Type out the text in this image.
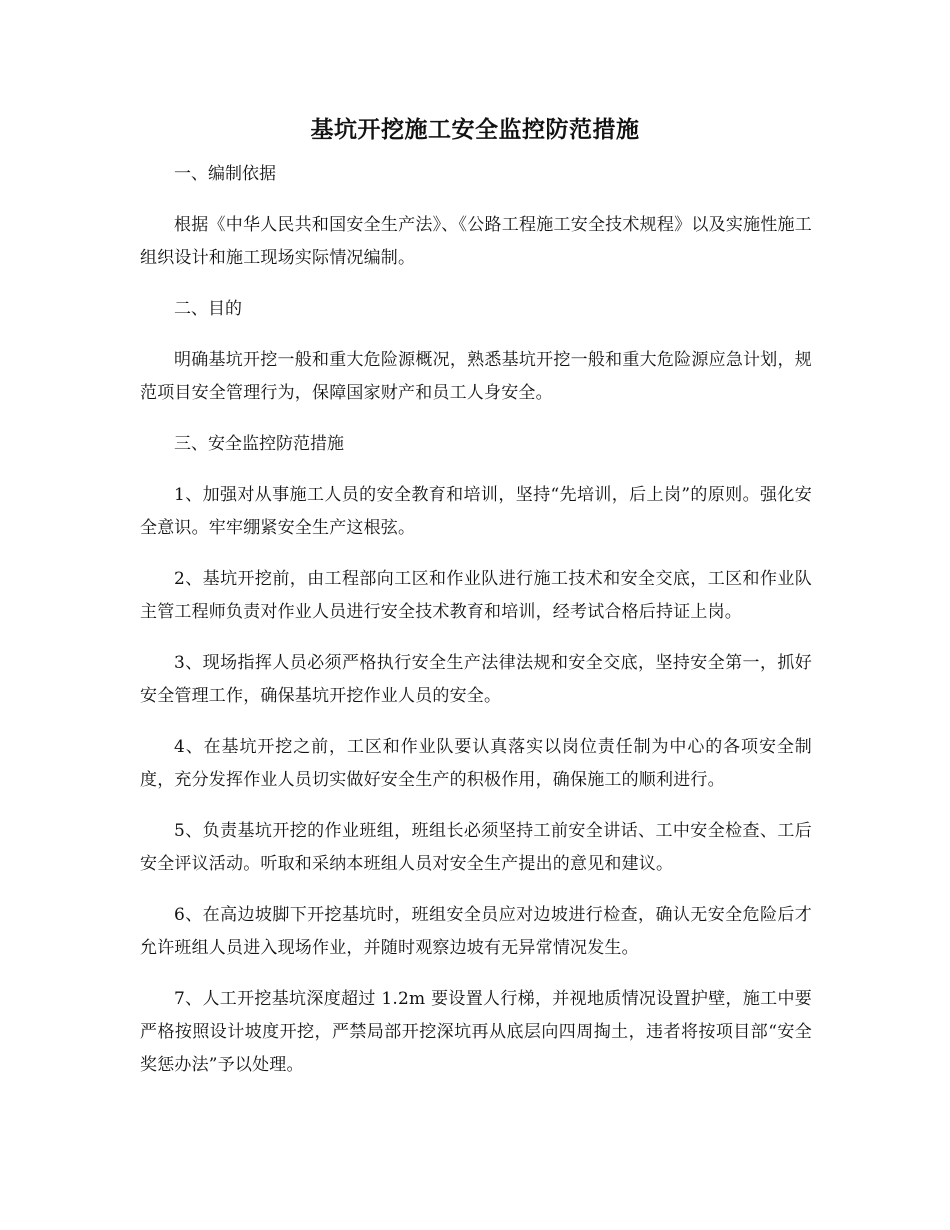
基坑开挖施工安全监控防范措施

一、编制依据

根据《中华人民共和国安全生产法》、《公路工程施工安全技术规程》以及实施性施工组织设计和施工现场实际情况编制。

二、目的

明确基坑开挖一般和重大危险源概况，熟悉基坑开挖一般和重大危险源应急计划，规范项目安全管理行为，保障国家财产和员工人身安全。

三、安全监控防范措施

1、加强对从事施工人员的安全教育和培训，坚持“先培训，后上岗”的原则。强化安全意识。牢牢绷紧安全生产这根弦。

2、基坑开挖前，由工程部向工区和作业队进行施工技术和安全交底，工区和作业队主管工程师负责对作业人员进行安全技术教育和培训，经考试合格后持证上岗。

3、现场指挥人员必须严格执行安全生产法律法规和安全交底，坚持安全第一，抓好安全管理工作，确保基坑开挖作业人员的安全。

4、在基坑开挖之前，工区和作业队要认真落实以岗位责任制为中心的各项安全制度，充分发挥作业人员切实做好安全生产的积极作用，确保施工的顺利进行。

5、负责基坑开挖的作业班组，班组长必须坚持工前安全讲话、工中安全检查、工后安全评议活动。听取和采纳本班组人员对安全生产提出的意见和建议。

6、在高边坡脚下开挖基坑时，班组安全员应对边坡进行检查，确认无安全危险后才允许班组人员进入现场作业，并随时观察边坡有无异常情况发生。

7、人工开挖基坑深度超过 1.2m 要设置人行梯，并视地质情况设置护壁，施工中要严格按照设计坡度开挖，严禁局部开挖深坑再从底层向四周掏土，违者将按项目部“安全奖惩办法”予以处理。
